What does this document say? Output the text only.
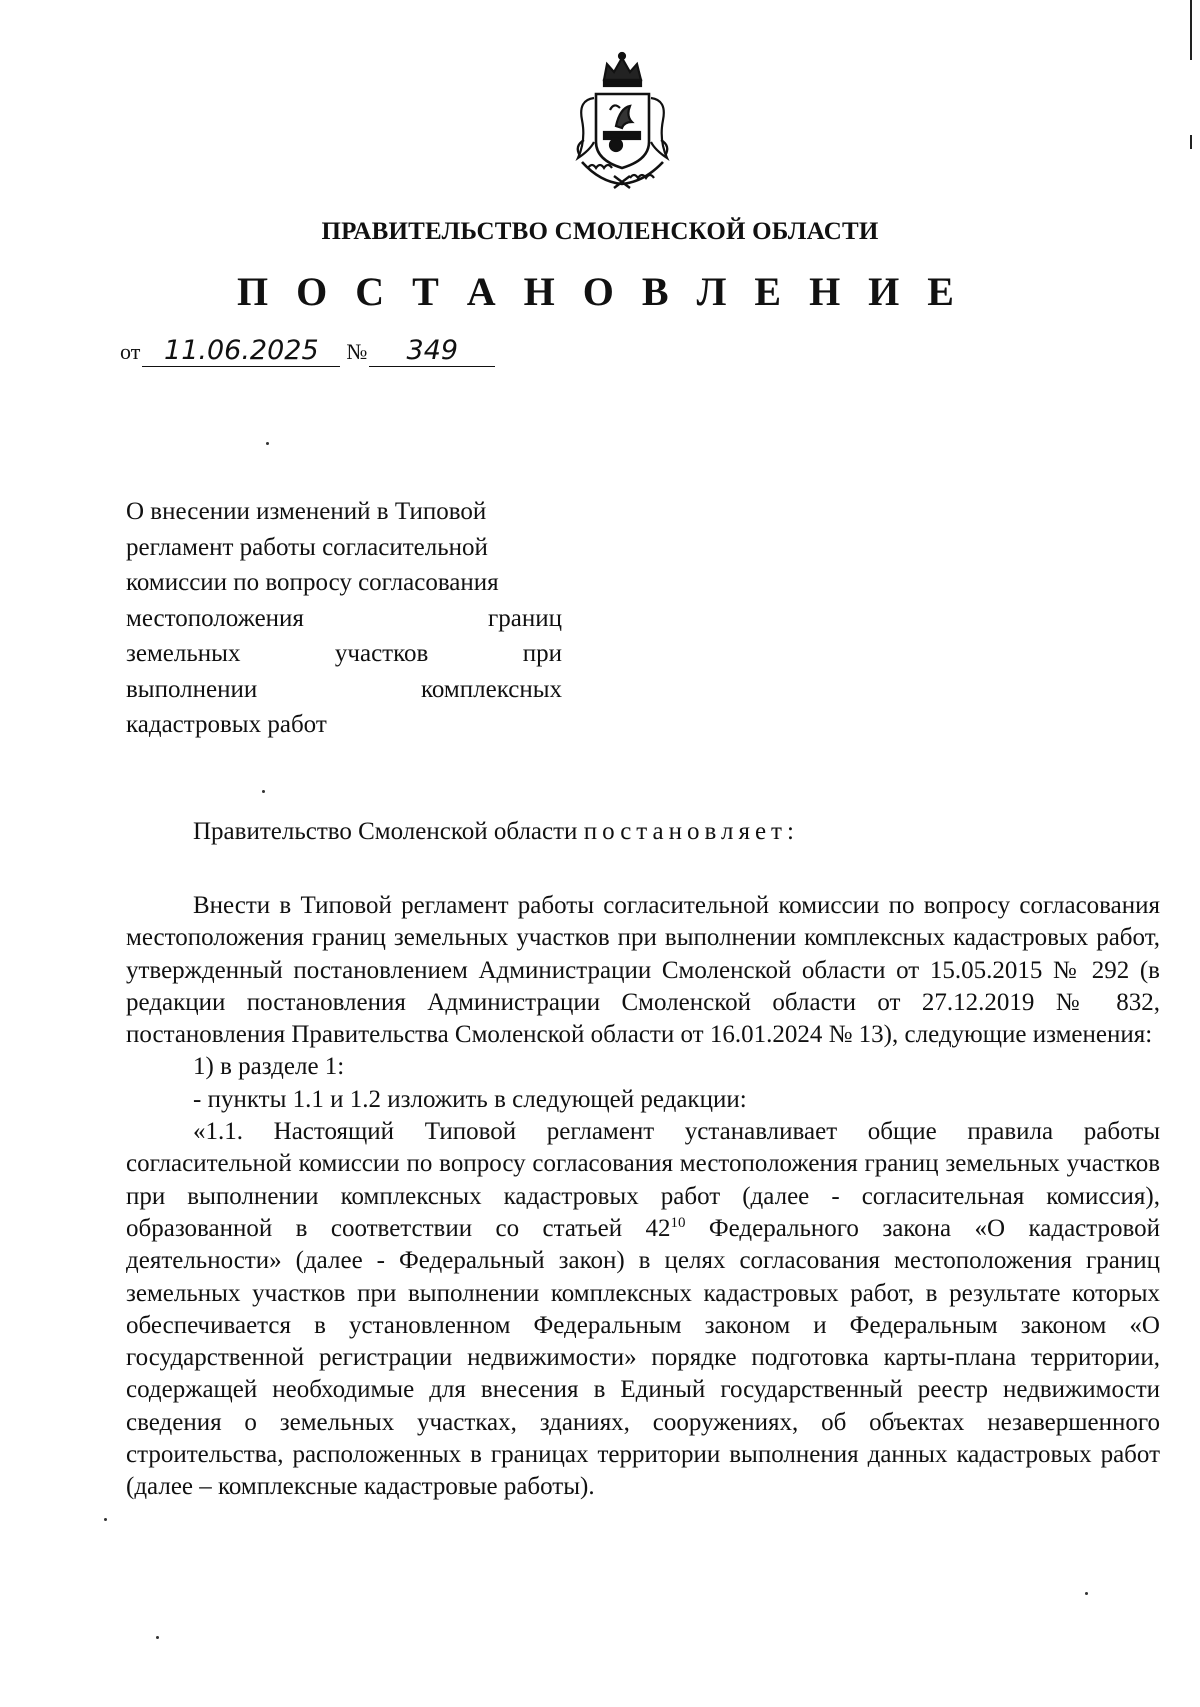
ПРАВИТЕЛЬСТВО СМОЛЕНСКОЙ ОБЛАСТИ
П О С Т А Н О В Л Е Н И Е
от 11.06.2025 № 349
О внесении изменений в Типовой
регламент работы согласительной
комиссии по вопросу согласования
местоположения	границ
земельных	участков	при
выполнении	комплексных
кадастровых работ
Правительство Смоленской области постановляет:

Внести в Типовой регламент работы согласительной комиссии по вопросу согласования местоположения границ земельных участков при выполнении комплексных кадастровых работ, утвержденный постановлением Администрации Смоленской области от 15.05.2015 № 292 (в редакции постановления Администрации Смоленской области от 27.12.2019 № 832, постановления Правительства Смоленской области от 16.01.2024 № 13), следующие изменения:

1) в разделе 1:

- пункты 1.1 и 1.2 изложить в следующей редакции:

«1.1. Настоящий Типовой регламент устанавливает общие правила работы согласительной комиссии по вопросу согласования местоположения границ земельных участков при выполнении комплексных кадастровых работ (далее - согласительная комиссия), образованной в соответствии со статьей $42^{10}$ Федерального закона «О кадастровой деятельности» (далее - Федеральный закон) в целях согласования местоположения границ земельных участков при выполнении комплексных кадастровых работ, в результате которых обеспечивается в установленном Федеральным законом и Федеральным законом «О государственной регистрации недвижимости» порядке подготовка карты-плана территории, содержащей необходимые для внесения в Единый государственный реестр недвижимости сведения о земельных участках, зданиях, сооружениях, об объектах незавершенного строительства, расположенных в границах территории выполнения данных кадастровых работ (далее – комплексные кадастровые работы).
